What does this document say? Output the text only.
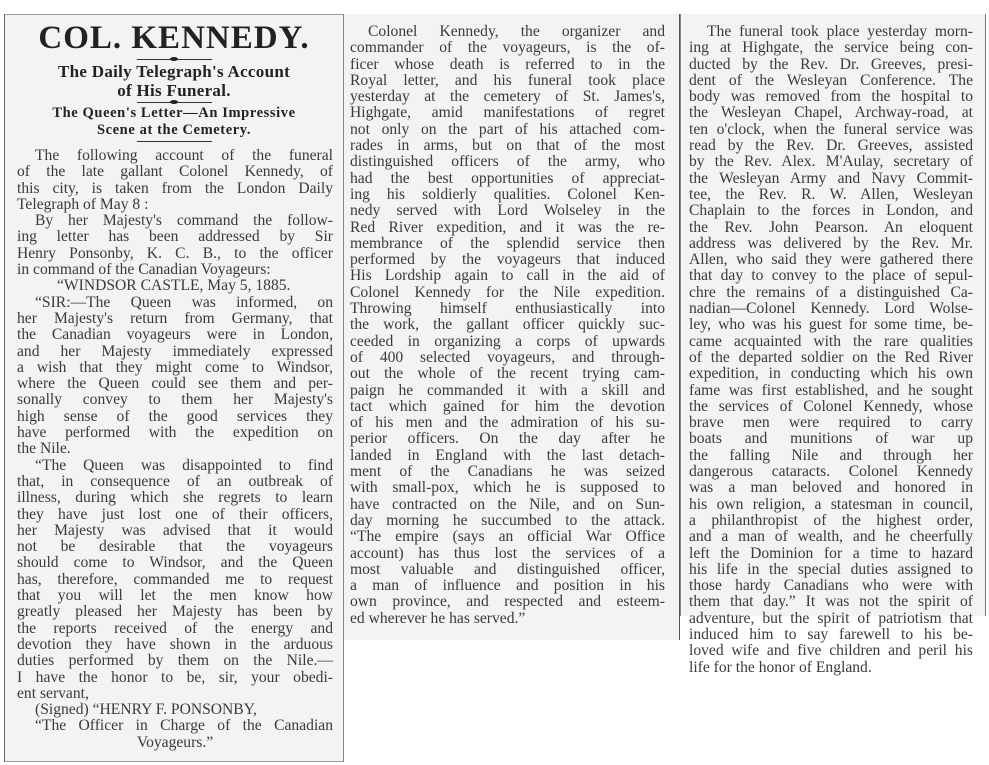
COL. KENNEDY.
The Daily Telegraph's Account
of His Funeral.
The Queen's Letter—An Impressive
Scene at the Cemetery.
The following account of the funeral
of the late gallant Colonel Kennedy, of
this city, is taken from the London Daily
Telegraph of May 8 :
By her Majesty's command the follow-
ing letter has been addressed by Sir
Henry Ponsonby, K. C. B., to the officer
in command of the Canadian Voyageurs:
“WINDSOR CASTLE, May 5, 1885.
“SIR:—The Queen was informed, on
her Majesty's return from Germany, that
the Canadian voyageurs were in London,
and her Majesty immediately expressed
a wish that they might come to Windsor,
where the Queen could see them and per-
sonally convey to them her Majesty's
high sense of the good services they
have performed with the expedition on
the Nile.
“The Queen was disappointed to find
that, in consequence of an outbreak of
illness, during which she regrets to learn
they have just lost one of their officers,
her Majesty was advised that it would
not be desirable that the voyageurs
should come to Windsor, and the Queen
has, therefore, commanded me to request
that you will let the men know how
greatly pleased her Majesty has been by
the reports received of the energy and
devotion they have shown in the arduous
duties performed by them on the Nile.—
I have the honor to be, sir, your obedi-
ent servant,
(Signed) “HENRY F. PONSONBY,
“The Officer in Charge of the Canadian
Voyageurs.”
Colonel Kennedy, the organizer and
commander of the voyageurs, is the of-
ficer whose death is referred to in the
Royal letter, and his funeral took place
yesterday at the cemetery of St. James's,
Highgate, amid manifestations of regret
not only on the part of his attached com-
rades in arms, but on that of the most
distinguished officers of the army, who
had the best opportunities of appreciat-
ing his soldierly qualities. Colonel Ken-
nedy served with Lord Wolseley in the
Red River expedition, and it was the re-
membrance of the splendid service then
performed by the voyageurs that induced
His Lordship again to call in the aid of
Colonel Kennedy for the Nile expedition.
Throwing himself enthusiastically into
the work, the gallant officer quickly suc-
ceeded in organizing a corps of upwards
of 400 selected voyageurs, and through-
out the whole of the recent trying cam-
paign he commanded it with a skill and
tact which gained for him the devotion
of his men and the admiration of his su-
perior officers. On the day after he
landed in England with the last detach-
ment of the Canadians he was seized
with small-pox, which he is supposed to
have contracted on the Nile, and on Sun-
day morning he succumbed to the attack.
“The empire (says an official War Office
account) has thus lost the services of a
most valuable and distinguished officer,
a man of influence and position in his
own province, and respected and esteem-
ed wherever he has served.”
The funeral took place yesterday morn-
ing at Highgate, the service being con-
ducted by the Rev. Dr. Greeves, presi-
dent of the Wesleyan Conference. The
body was removed from the hospital to
the Wesleyan Chapel, Archway-road, at
ten o'clock, when the funeral service was
read by the Rev. Dr. Greeves, assisted
by the Rev. Alex. M'Aulay, secretary of
the Wesleyan Army and Navy Commit-
tee, the Rev. R. W. Allen, Wesleyan
Chaplain to the forces in London, and
the Rev. John Pearson. An eloquent
address was delivered by the Rev. Mr.
Allen, who said they were gathered there
that day to convey to the place of sepul-
chre the remains of a distinguished Ca-
nadian—Colonel Kennedy. Lord Wolse-
ley, who was his guest for some time, be-
came acquainted with the rare qualities
of the departed soldier on the Red River
expedition, in conducting which his own
fame was first established, and he sought
the services of Colonel Kennedy, whose
brave men were required to carry
boats and munitions of war up
the falling Nile and through her
dangerous cataracts. Colonel Kennedy
was a man beloved and honored in
his own religion, a statesman in council,
a philanthropist of the highest order,
and a man of wealth, and he cheerfully
left the Dominion for a time to hazard
his life in the special duties assigned to
those hardy Canadians who were with
them that day.” It was not the spirit of
adventure, but the spirit of patriotism that
induced him to say farewell to his be-
loved wife and five children and peril his
life for the honor of England.
